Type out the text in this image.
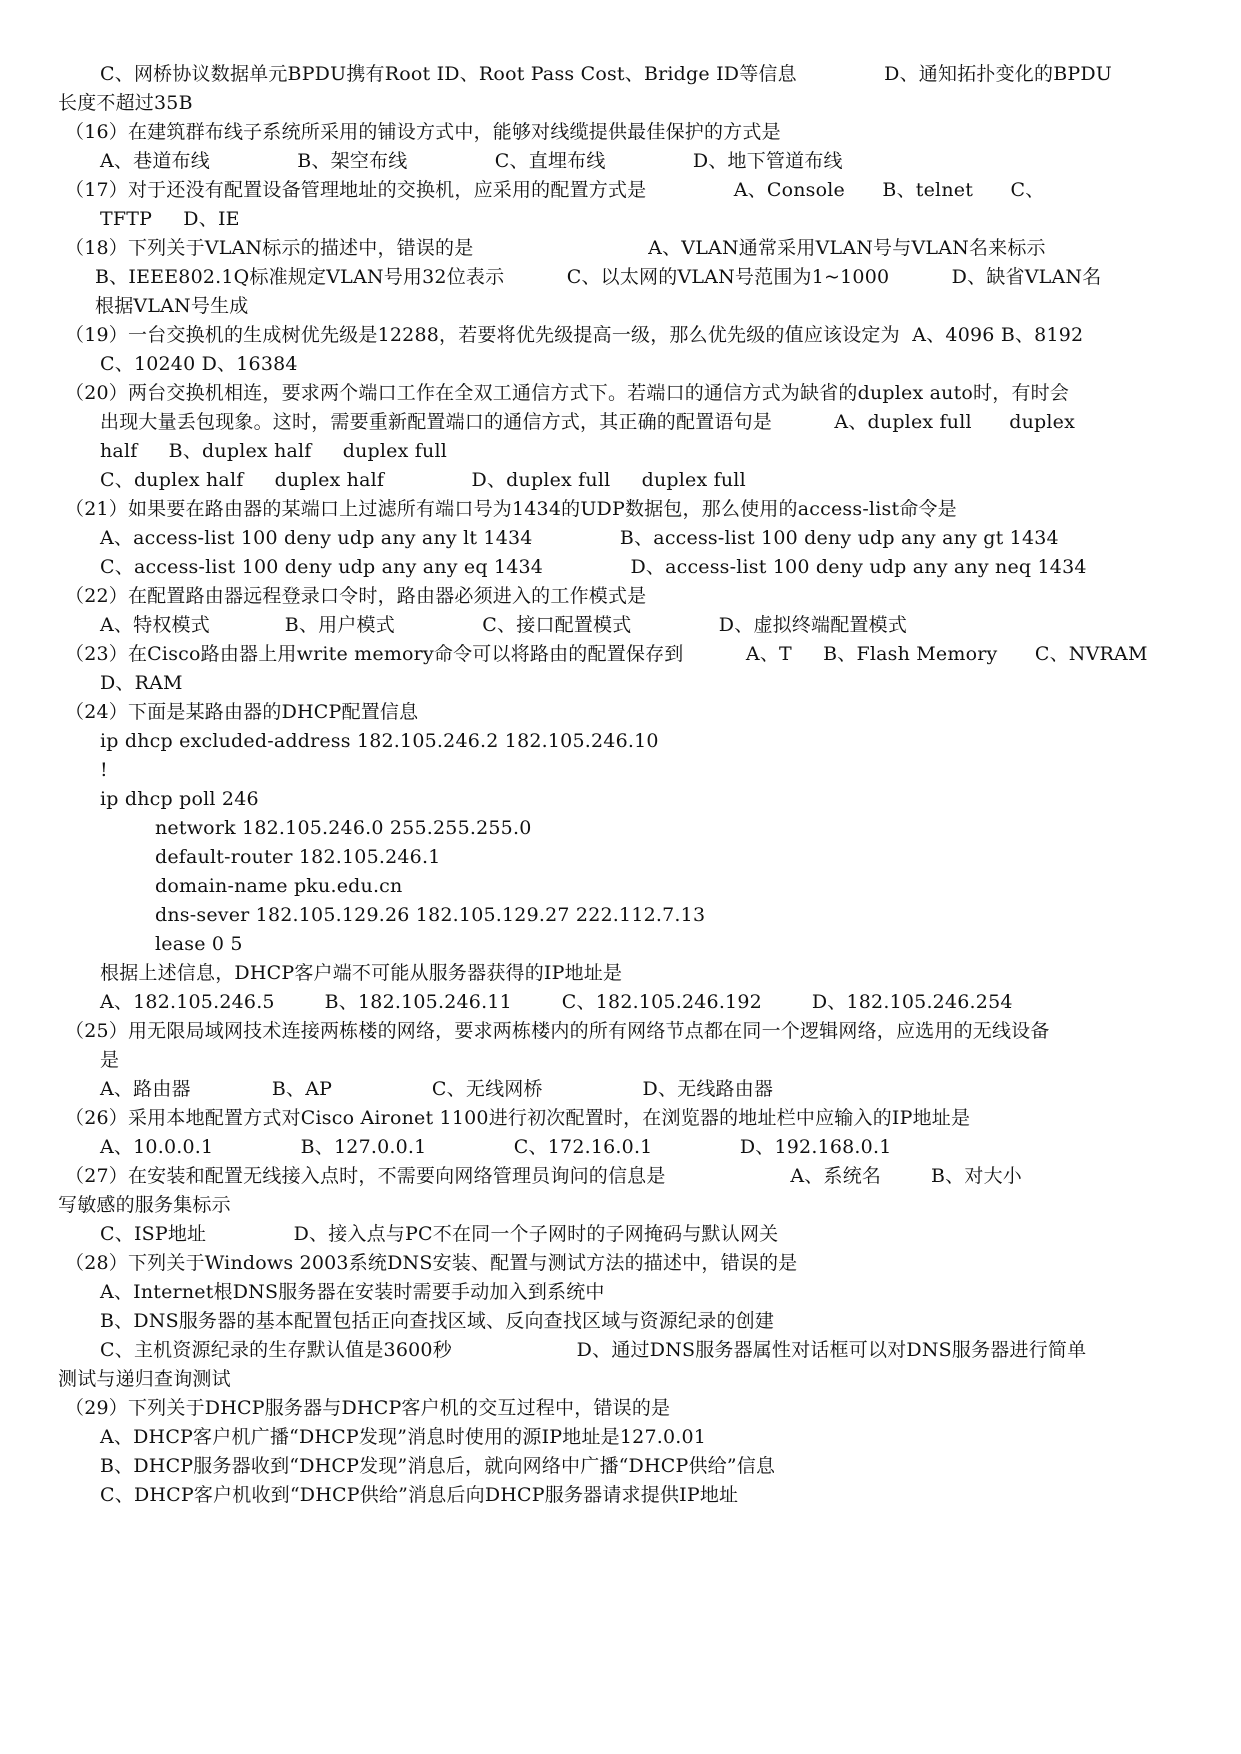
C、网桥协议数据单元BPDU携有Root ID、Root Pass Cost、Bridge ID等信息              D、通知拓扑变化的BPDU
长度不超过35B
（16）在建筑群布线子系统所采用的铺设方式中，能够对线缆提供最佳保护的方式是
A、巷道布线              B、架空布线              C、直埋布线              D、地下管道布线
（17）对于还没有配置设备管理地址的交换机，应采用的配置方式是              A、Console      B、telnet      C、
TFTP     D、IE
（18）下列关于VLAN标示的描述中，错误的是                            A、VLAN通常采用VLAN号与VLAN名来标示
B、IEEE802.1Q标准规定VLAN号用32位表示          C、以太网的VLAN号范围为1~1000          D、缺省VLAN名
根据VLAN号生成
（19）一台交换机的生成树优先级是12288，若要将优先级提高一级，那么优先级的值应该设定为  A、4096 B、8192
C、10240 D、16384
（20）两台交换机相连，要求两个端口工作在全双工通信方式下。若端口的通信方式为缺省的duplex auto时，有时会
出现大量丢包现象。这时，需要重新配置端口的通信方式，其正确的配置语句是          A、duplex full      duplex
half     B、duplex half     duplex full
C、duplex half     duplex half              D、duplex full     duplex full
（21）如果要在路由器的某端口上过滤所有端口号为1434的UDP数据包，那么使用的access-list命令是
A、access-list 100 deny udp any any lt 1434              B、access-list 100 deny udp any any gt 1434
C、access-list 100 deny udp any any eq 1434              D、access-list 100 deny udp any any neq 1434
（22）在配置路由器远程登录口令时，路由器必须进入的工作模式是
A、特权模式            B、用户模式              C、接口配置模式              D、虚拟终端配置模式
（23）在Cisco路由器上用write memory命令可以将路由的配置保存到          A、T     B、Flash Memory      C、NVRAM
D、RAM
（24）下面是某路由器的DHCP配置信息
ip dhcp excluded-address 182.105.246.2 182.105.246.10
!
ip dhcp poll 246
network 182.105.246.0 255.255.255.0
default-router 182.105.246.1
domain-name pku.edu.cn
dns-sever 182.105.129.26 182.105.129.27 222.112.7.13
lease 0 5
根据上述信息，DHCP客户端不可能从服务器获得的IP地址是
A、182.105.246.5        B、182.105.246.11        C、182.105.246.192        D、182.105.246.254
（25）用无限局域网技术连接两栋楼的网络，要求两栋楼内的所有网络节点都在同一个逻辑网络，应选用的无线设备
是
A、路由器             B、AP                C、无线网桥                D、无线路由器
（26）采用本地配置方式对Cisco Aironet 1100进行初次配置时，在浏览器的地址栏中应输入的IP地址是
A、10.0.0.1              B、127.0.0.1              C、172.16.0.1              D、192.168.0.1
（27）在安装和配置无线接入点时，不需要向网络管理员询问的信息是                    A、系统名        B、对大小
写敏感的服务集标示
C、ISP地址              D、接入点与PC不在同一个子网时的子网掩码与默认网关
（28）下列关于Windows 2003系统DNS安装、配置与测试方法的描述中，错误的是
A、Internet根DNS服务器在安装时需要手动加入到系统中
B、DNS服务器的基本配置包括正向查找区域、反向查找区域与资源纪录的创建
C、主机资源纪录的生存默认值是3600秒                    D、通过DNS服务器属性对话框可以对DNS服务器进行简单
测试与递归查询测试
（29）下列关于DHCP服务器与DHCP客户机的交互过程中，错误的是
A、DHCP客户机广播“DHCP发现”消息时使用的源IP地址是127.0.01
B、DHCP服务器收到“DHCP发现”消息后，就向网络中广播“DHCP供给”信息
C、DHCP客户机收到“DHCP供给”消息后向DHCP服务器请求提供IP地址
